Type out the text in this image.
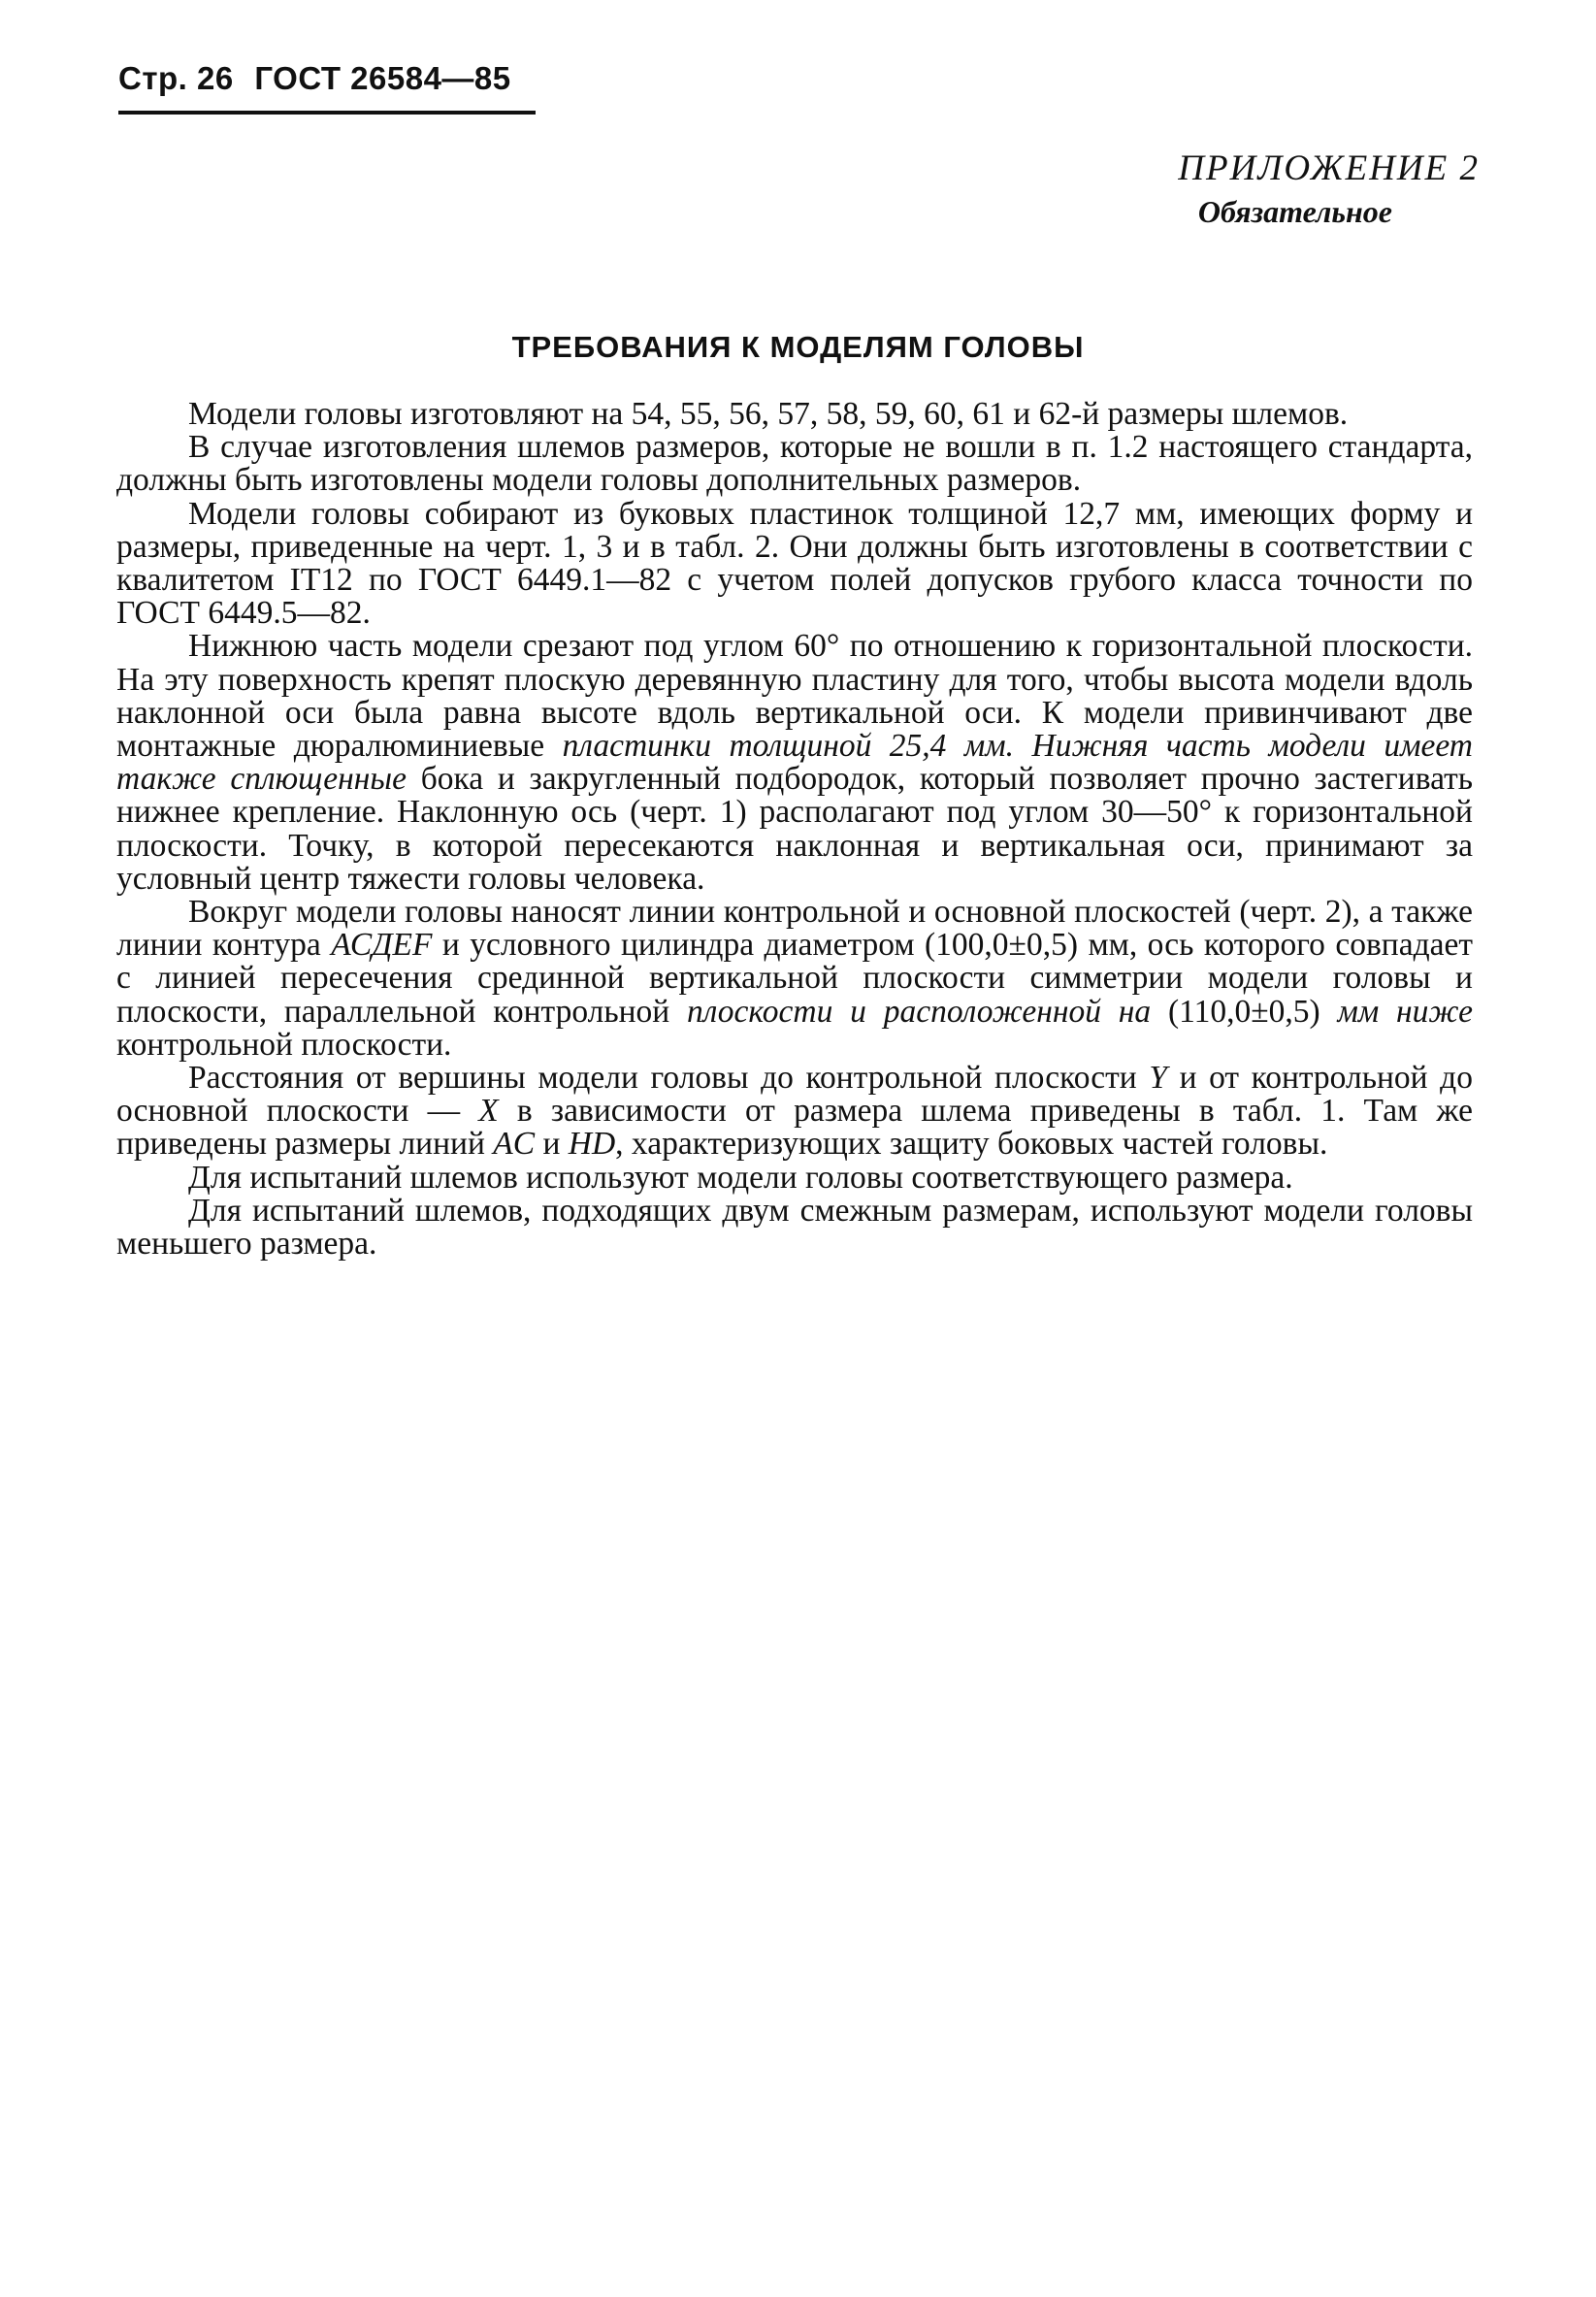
Стр. 26 ГОСТ 26584—85
ПРИЛОЖЕНИЕ 2
Обязательное
ТРЕБОВАНИЯ К МОДЕЛЯМ ГОЛОВЫ

Модели головы изготовляют на 54, 55, 56, 57, 58, 59, 60, 61 и 62-й размеры шлемов.

В случае изготовления шлемов размеров, которые не вошли в п. 1.2 настоящего стандарта, должны быть изготовлены модели головы дополнительных размеров.

Модели головы собирают из буковых пластинок толщиной 12,7 мм, имеющих форму и размеры, приведенные на черт. 1, 3 и в табл. 2. Они должны быть изготовлены в соответствии с квалитетом IT12 по ГОСТ 6449.1—82 с учетом полей допусков грубого класса точности по ГОСТ 6449.5—82.

Нижнюю часть модели срезают под углом 60° по отношению к горизонтальной плоскости. На эту поверхность крепят плоскую деревянную пластину для того, чтобы высота модели вдоль наклонной оси была равна высоте вдоль вертикальной оси. К модели привинчивают две монтажные дюралюминиевые пластинки толщиной 25,4 мм. Нижняя часть модели имеет также сплющенные бока и закругленный подбородок, который позволяет прочно застегивать нижнее крепление. Наклонную ось (черт. 1) располагают под углом 30—50° к горизонтальной плоскости. Точку, в которой пересекаются наклонная и вертикальная оси, принимают за условный центр тяжести головы человека.

Вокруг модели головы наносят линии контрольной и основной плоскостей (черт. 2), а также линии контура АСДЕF и условного цилиндра диаметром (100,0±0,5) мм, ось которого совпадает с линией пересечения срединной вертикальной плоскости симметрии модели головы и плоскости, параллельной контрольной плоскости и расположенной на (110,0±0,5) мм ниже контрольной плоскости.

Расстояния от вершины модели головы до контрольной плоскости Y и от контрольной до основной плоскости — X в зависимости от размера шлема приведены в табл. 1. Там же приведены размеры линий AC и HD, характеризующих защиту боковых частей головы.

Для испытаний шлемов используют модели головы соответствующего размера.

Для испытаний шлемов, подходящих двум смежным размерам, используют модели головы меньшего размера.
